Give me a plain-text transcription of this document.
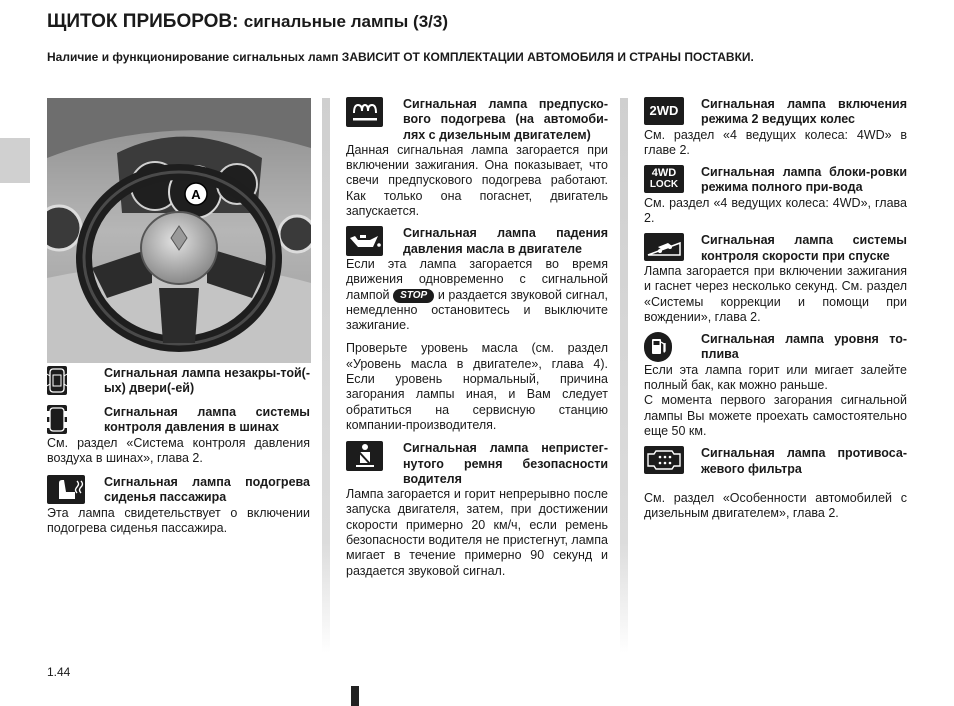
ЩИТОК ПРИБОРОВ: сигнальные лампы (3/3)
Наличие и функционирование сигнальных ламп ЗАВИСИТ ОТ КОМПЛЕКТАЦИИ АВТОМОБИЛЯ И СТРАНЫ ПОСТАВКИ.
A
Сигнальная лампа незакры-той(-ых) двери(-ей)
Сигнальная лампа системы контроля давления в шинах
См. раздел «Система контроля давления воздуха в шинах», глава 2.
Сигнальная лампа подогрева сиденья пассажира
Эта лампа свидетельствует о включении подогрева сиденья пассажира.
Сигнальная лампа предпуско-вого подогрева (на автомоби-лях с дизельным двигателем)
Данная сигнальная лампа загорается при включении зажигания. Она показывает, что свечи предпускового подогрева работают. Как только она погаснет, двигатель запускается.
Сигнальная лампа падения давления масла в двигателе

Если эта лампа загорается во время движения одновременно с сигнальной лампой STOP и раздается звуковой сигнал, немедленно остановитесь и выключите зажигание.

Проверьте уровень масла (см. раздел «Уровень масла в двигателе», глава 4). Если уровень нормальный, причина загорания лампы иная, и Вам следует обратиться на сервисную станцию компании-производителя.

Сигнальная лампа непристег-нутого ремня безопасности водителя
Лампа загорается и горит непрерывно после запуска двигателя, затем, при достижении скорости примерно 20 км/ч, если ремень безопасности водителя не пристегнут, лампа мигает в течение примерно 90 секунд и раздается звуковой сигнал.
2WD Сигнальная лампа включения режима 2 ведущих колес
См. раздел «4 ведущих колеса: 4WD» в главе 2.
4WD
LOCK
Сигнальная лампа блоки-ровки режима полного при-вода
См. раздел «4 ведущих колеса: 4WD», глава 2.
Сигнальная лампа системы контроля скорости при спуске
Лампа загорается при включении зажигания и гаснет через несколько секунд. См. раздел «Системы коррекции и помощи при вождении», глава 2.
Сигнальная лампа уровня то-плива

Если эта лампа горит или мигает залейте полный бак, как можно раньше.

С момента первого загорания сигнальной лампы Вы можете проехать самостоятельно еще 50 км.

Сигнальная лампа противоса-жевого фильтра
См. раздел «Особенности автомобилей с дизельным двигателем», глава 2.
1.44
